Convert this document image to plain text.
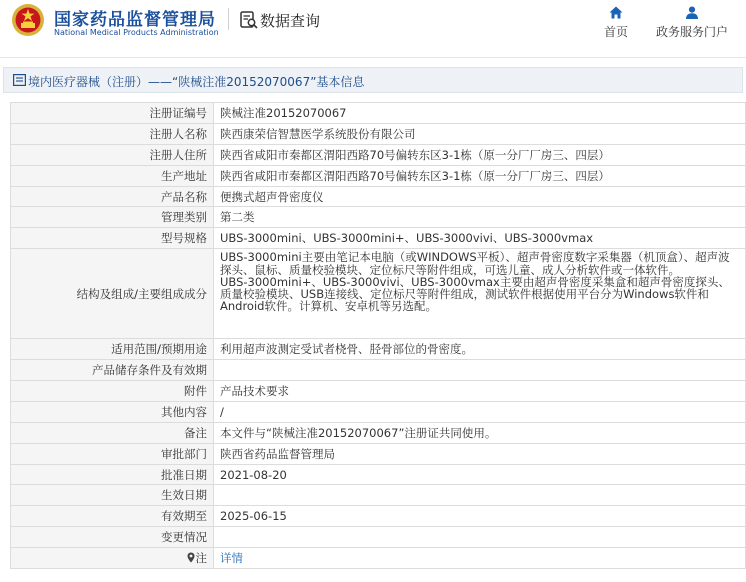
国家药品监督管理局
National Medical Products Administration
数据查询
首页	政务服务门户
境内医疗器械（注册）——“陕械注准20152070067”基本信息
注册证编号	陕械注准20152070067
注册人名称	陕西康荣信智慧医学系统股份有限公司
注册人住所	陕西省咸阳市秦都区渭阳西路70号偏转东区3-1栋（原一分厂厂房三、四层）
生产地址	陕西省咸阳市秦都区渭阳西路70号偏转东区3-1栋（原一分厂厂房三、四层）
产品名称	便携式超声骨密度仪
管理类别	第二类
型号规格	UBS-3000mini、UBS-3000mini+、UBS-3000vivi、UBS-3000vmax
结构及组成/主要组成成分	UBS-3000mini主要由笔记本电脑（或WINDOWS平板）、超声骨密度数字采集器（机顶盒）、超声波探头、鼠标、质量校验模块、定位标尺等附件组成，可选儿童、成人分析软件或一体软件。
UBS-3000mini+、UBS-3000vivi、UBS-3000vmax主要由超声骨密度采集盒和超声骨密度探头、质量校验模块、USB连接线、定位标尺等附件组成，测试软件根据使用平台分为Windows软件和Android软件。计算机、安卓机等另选配。
适用范围/预期用途	利用超声波测定受试者桡骨、胫骨部位的骨密度。
产品储存条件及有效期	
附件	产品技术要求
其他内容	/
备注	本文件与“陕械注准20152070067”注册证共同使用。
审批部门	陕西省药品监督管理局
批准日期	2021-08-20
生效日期	
有效期至	2025-06-15
变更情况	
注	详情
